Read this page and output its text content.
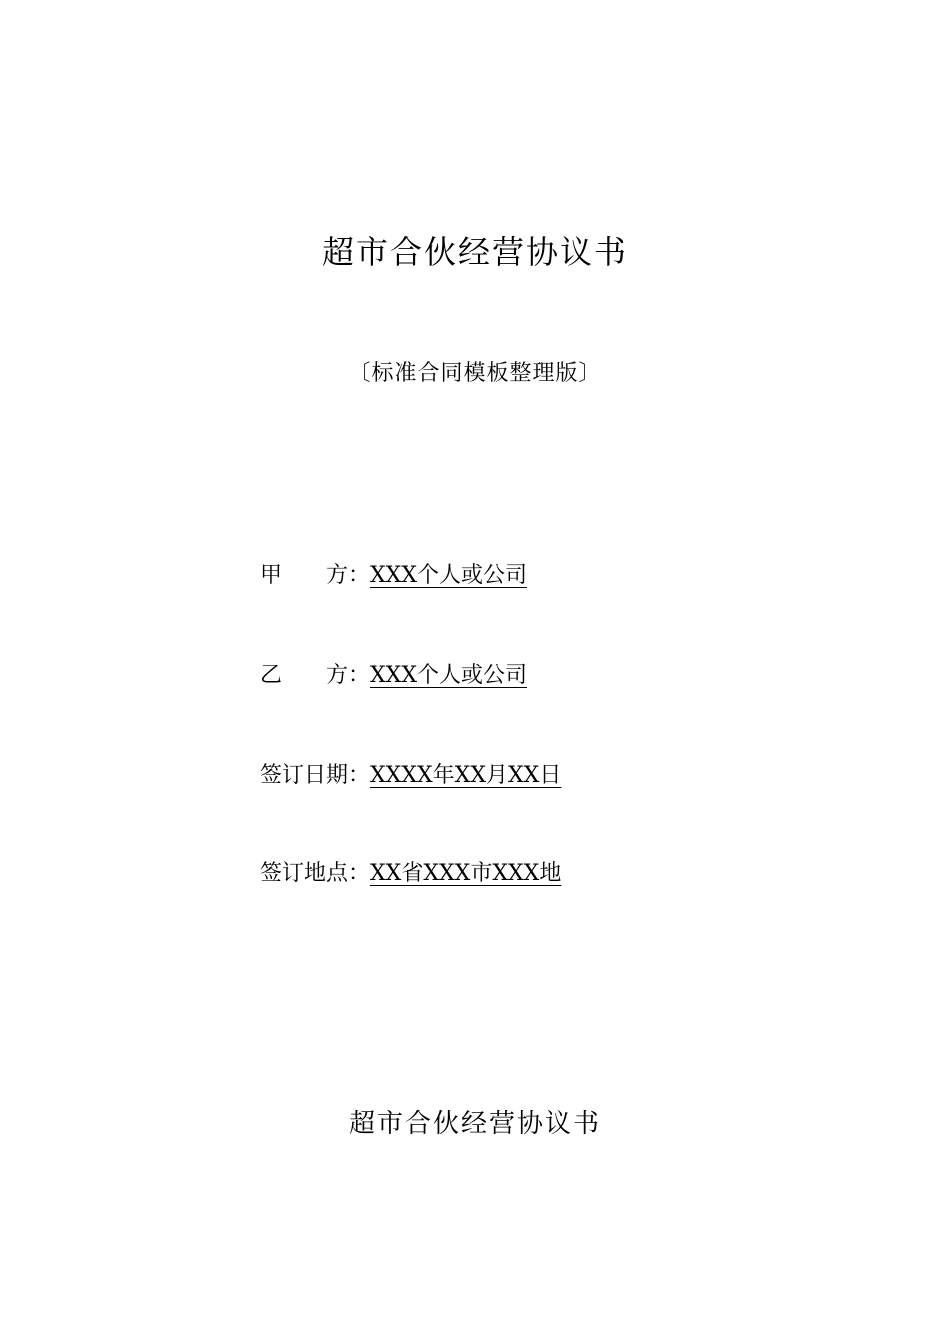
超市合伙经营协议书
〔标准合同模板整理版〕
甲　　方：XXX个人或公司
乙　　方：XXX个人或公司
签订日期：XXXX年XX月XX日
签订地点：XX省XXX市XXX地
超市合伙经营协议书
